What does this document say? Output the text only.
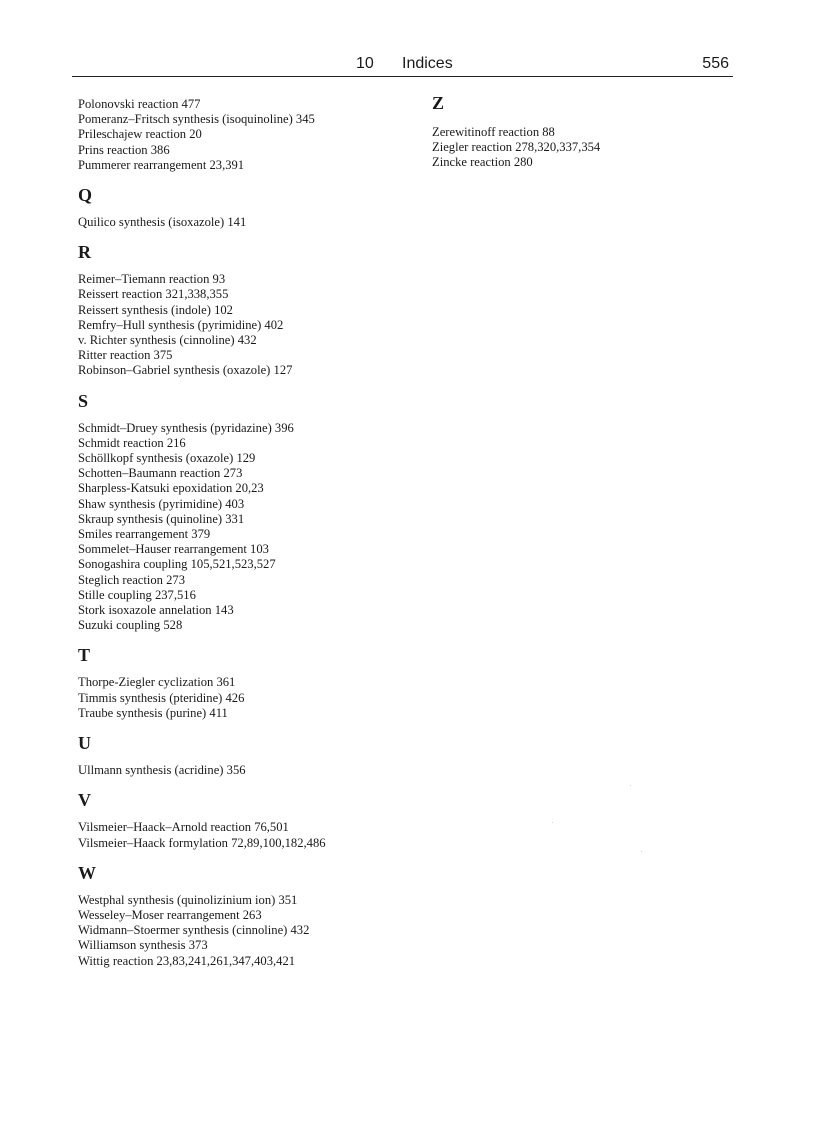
10 Indices	556
Polonovski reaction 477
Pomeranz–Fritsch synthesis (isoquinoline) 345
Prileschajew reaction 20
Prins reaction 386
Pummerer rearrangement 23,391
Q
Quilico synthesis (isoxazole) 141
R
Reimer–Tiemann reaction 93
Reissert reaction 321,338,355
Reissert synthesis (indole) 102
Remfry–Hull synthesis (pyrimidine) 402
v. Richter synthesis (cinnoline) 432
Ritter reaction 375
Robinson–Gabriel synthesis (oxazole) 127
S
Schmidt–Druey synthesis (pyridazine) 396
Schmidt reaction 216
Schöllkopf synthesis (oxazole) 129
Schotten–Baumann reaction 273
Sharpless-Katsuki epoxidation 20,23
Shaw synthesis (pyrimidine) 403
Skraup synthesis (quinoline) 331
Smiles rearrangement 379
Sommelet–Hauser rearrangement 103
Sonogashira coupling 105,521,523,527
Steglich reaction 273
Stille coupling 237,516
Stork isoxazole annelation 143
Suzuki coupling 528
T
Thorpe-Ziegler cyclization 361
Timmis synthesis (pteridine) 426
Traube synthesis (purine) 411
U
Ullmann synthesis (acridine) 356
V
Vilsmeier–Haack–Arnold reaction 76,501
Vilsmeier–Haack formylation 72,89,100,182,486
W
Westphal synthesis (quinolizinium ion) 351
Wesseley–Moser rearrangement 263
Widmann–Stoermer synthesis (cinnoline) 432
Williamson synthesis 373
Wittig reaction 23,83,241,261,347,403,421
Z
Zerewitinoff reaction 88
Ziegler reaction 278,320,337,354
Zincke reaction 280
